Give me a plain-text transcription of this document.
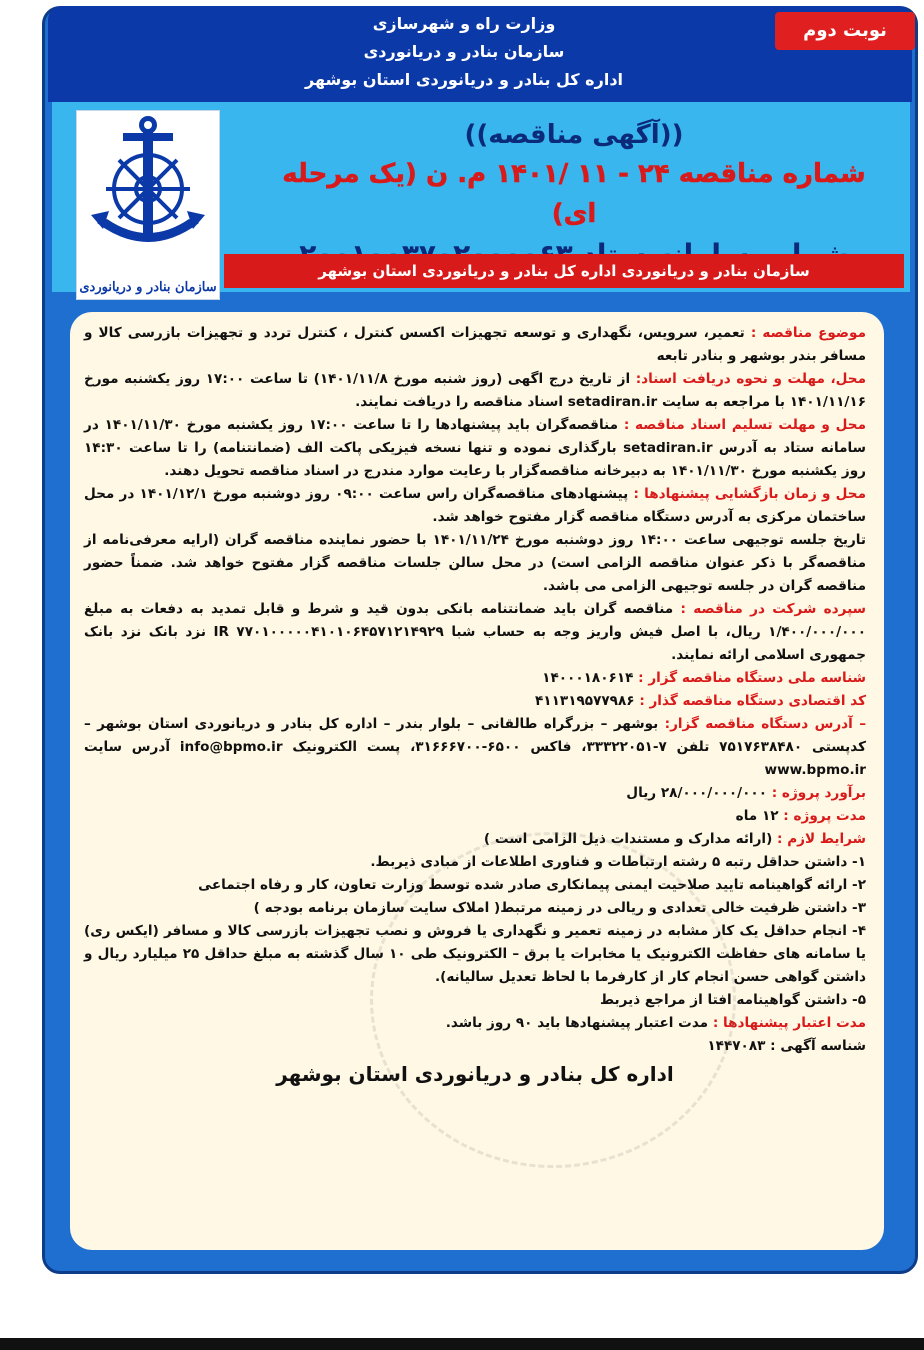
وزارت راه و شهرسازی
سازمان بنادر و دریانوردی
اداره کل بنادر و دریانوردی استان بوشهر
نوبت دوم
سازمان بنادر و دریانوردی
((آگهی مناقصه))
شماره مناقصه ۲۴ - ۱۱ /۱۴۰۱ م. ن (یک مرحله ای)
سازمان بنادر و دریانوردی اداره کل بنادر و دریانوردی استان بوشهر

موضوع مناقصه : تعمیر، سرویس، نگهداری و توسعه تجهیزات اکسس کنترل ، کنترل تردد و تجهیزات بازرسی کالا و مسافر بندر بوشهر و بنادر تابعه

محل، مهلت و نحوه دریافت اسناد: از تاریخ درج اگهی (روز شنبه مورخ ۱۴۰۱/۱۱/۸) تا ساعت ۱۷:۰۰ روز یکشنبه مورخ ۱۴۰۱/۱۱/۱۶ با مراجعه به سایت setadiran.ir اسناد مناقصه را دریافت نمایند.

محل و مهلت تسلیم اسناد مناقصه : مناقصه‌گران باید پیشنهادها را تا ساعت ۱۷:۰۰ روز یکشنبه مورخ ۱۴۰۱/۱۱/۳۰ در سامانه ستاد به آدرس setadiran.ir بارگذاری نموده و تنها نسخه فیزیکی پاکت الف (ضمانتنامه) را تا ساعت ۱۴:۳۰ روز یکشنبه مورخ ۱۴۰۱/۱۱/۳۰ به دبیرخانه مناقصه‌گزار با رعایت موارد مندرج در اسناد مناقصه تحویل دهند.

محل و زمان بازگشایی پیشنهادها : پیشنهادهای مناقصه‌گران راس ساعت ۰۹:۰۰ روز دوشنبه مورخ ۱۴۰۱/۱۲/۱ در محل ساختمان مرکزی به آدرس دستگاه مناقصه گزار مفتوح خواهد شد.

تاریخ جلسه توجیهی ساعت ۱۴:۰۰ روز دوشنبه مورخ ۱۴۰۱/۱۱/۲۴ با حضور نماینده مناقصه گران (ارایه معرفی‌نامه از مناقصه‌گر با ذکر عنوان مناقصه الزامی است) در محل سالن جلسات مناقصه گزار مفتوح خواهد شد. ضمناً حضور مناقصه گران در جلسه توجیهی الزامی می باشد.

سپرده شرکت در مناقصه : مناقصه گران باید ضمانتنامه بانکی بدون قید و شرط و قابل تمدید به دفعات به مبلغ ۱/۴۰۰/۰۰۰/۰۰۰ ریال، با اصل فیش واریز وجه به حساب شبا IR ۷۷۰۱۰۰۰۰۰۴۱۰۱۰۶۴۵۷۱۲۱۴۹۲۹ نزد بانک نزد بانک جمهوری اسلامی ارائه نمایند.

شناسه ملی دستگاه مناقصه گزار : ۱۴۰۰۰۱۸۰۶۱۴

کد اقتصادی دستگاه مناقصه گذار : ۴۱۱۳۱۹۵۷۷۹۸۶

– آدرس دستگاه مناقصه گزار: بوشهر – بزرگراه طالقانی – بلوار بندر – اداره کل بنادر و دریانوردی استان بوشهر – کدپستی ۷۵۱۷۶۳۸۴۸۰ تلفن ۷-۳۳۳۲۲۰۵۱، فاکس ۶۵۰۰-۳۱۶۶۶۷۰۰، پست الکترونیک info@bpmo.ir آدرس سایت www.bpmo.ir

برآورد پروژه : ۲۸/۰۰۰/۰۰۰/۰۰۰ ریال

مدت پروژه : ۱۲ ماه

شرایط لازم : (ارائه مدارک و مستندات ذیل الزامی است )

۱- داشتن حداقل رتبه ۵ رشته ارتباطات و فناوری اطلاعات از مبادی ذیربط.

۲- ارائه گواهینامه تایید صلاحیت ایمنی پیمانکاری صادر شده توسط وزارت تعاون، کار و رفاه اجتماعی

۳- داشتن ظرفیت خالی تعدادی و ریالی در زمینه مرتبط( املاک سایت سازمان برنامه بودجه )

۴- انجام حداقل یک کار مشابه در زمینه تعمیر و نگهداری یا فروش و نصب تجهیزات بازرسی کالا و مسافر (ایکس ری) یا سامانه های حفاظت الکترونیک یا مخابرات یا برق – الکترونیک طی ۱۰ سال گذشته به مبلغ حداقل ۲۵ میلیارد ریال و داشتن گواهی حسن انجام کار از کارفرما با لحاظ تعدیل سالیانه).

۵- داشتن گواهینامه افتا از مراجع ذیربط

مدت اعتبار پیشنهادها : مدت اعتبار پیشنهادها باید ۹۰ روز باشد.

شناسه آگهی : ۱۴۴۷۰۸۳

اداره کل بنادر و دریانوردی استان بوشهر
